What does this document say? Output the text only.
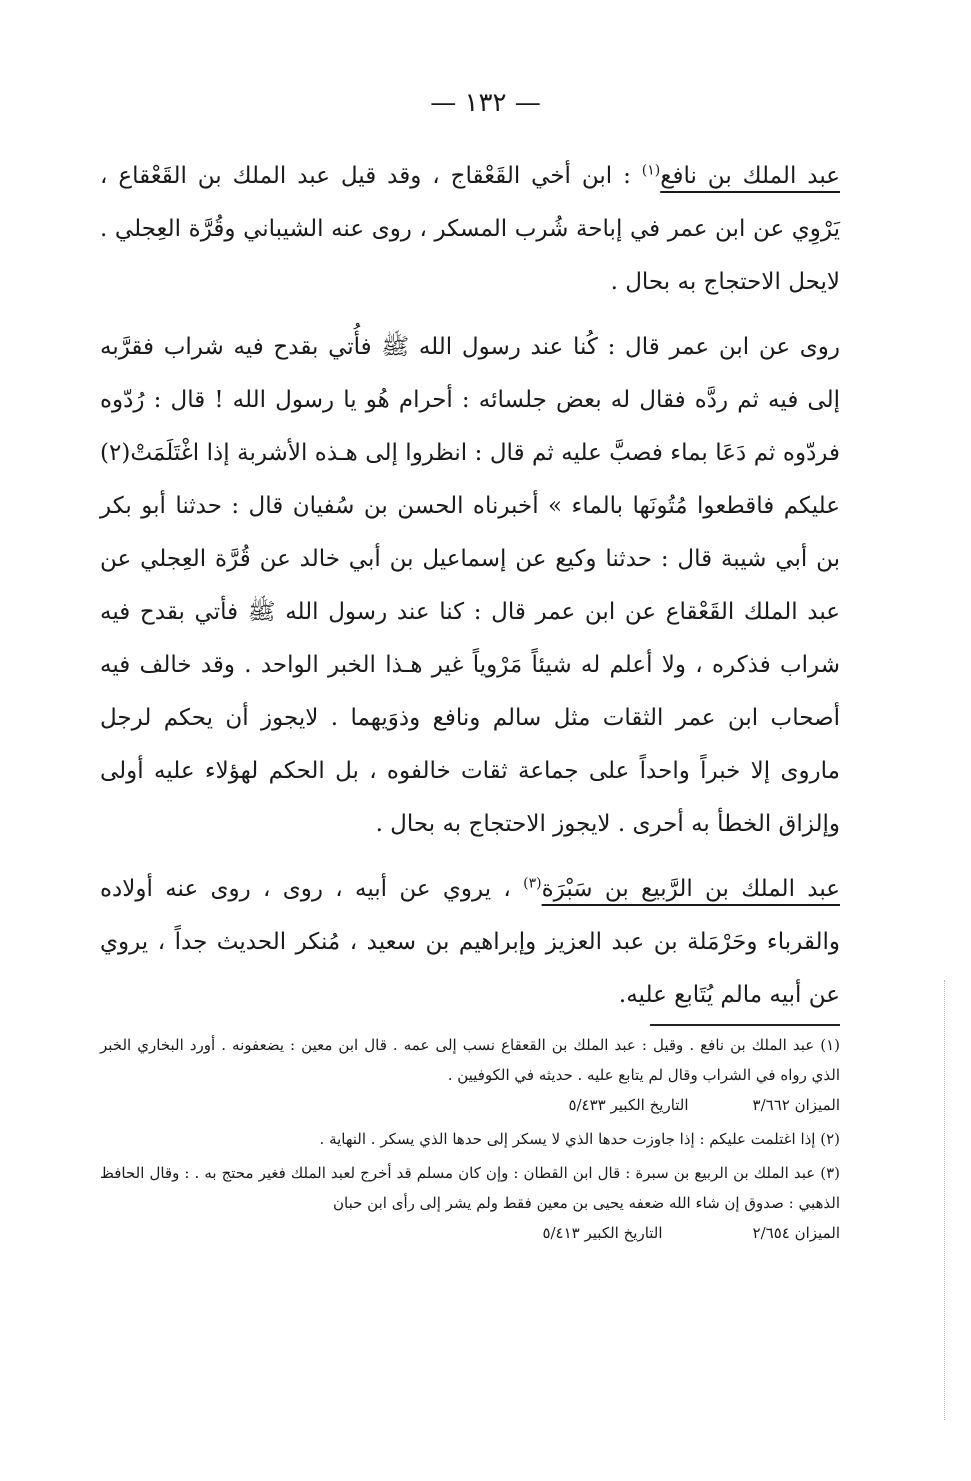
— ١٣٢ —

عبد الملك بن نافع$^{(١)}$ : ابن أخي القَعْقاج ، وقد قيل عبد الملك بن القَعْقاع ، يَرْوِي عن ابن عمر في إباحة شُرب المسكر ، روى عنه الشيباني وقُرَّة العِجلي . لايحل الاحتجاج به بحال .

روى عن ابن عمر قال : كُنا عند رسول الله ﷺ فأُتي بقدح فيه شراب فقرَّبه إلى فيه ثم ردَّه فقال له بعض جلسائه : أحرام هُو يا رسول الله ! قال : رُدّوه فردّوه ثم دَعَا بماء فصبَّ عليه ثم قال : انظروا إلى هـذه الأشربة إذا اغْتَلَمَتْ(٢) عليكم فاقطعوا مُتُونَها بالماء » أخبرناه الحسن بن سُفيان قال : حدثنا أبو بكر بن أبي شيبة قال : حدثنا وكيع عن إسماعيل بن أبي خالد عن قُرَّة العِجلي عن عبد الملك القَعْقاع عن ابن عمر قال : كنا عند رسول الله ﷺ فأتي بقدح فيه شراب فذكره ، ولا أعلم له شيئاً مَرْوياً غير هـذا الخبر الواحد . وقد خالف فيه أصحاب ابن عمر الثقات مثل سالم ونافع وذوَيهما . لايجوز أن يحكم لرجل ماروى إلا خبراً واحداً على جماعة ثقات خالفوه ، بل الحكم لهؤلاء عليه أولى وإلزاق الخطأ به أحرى . لايجوز الاحتجاج به بحال .

عبد الملك بن الرَّبيع بن سَبْرَة$^{(٣)}$ ، يروي عن أبيه ، روى ، روى عنه أولاده والقرباء وحَرْمَلة بن عبد العزيز وإبراهيم بن سعيد ، مُنكر الحديث جداً ، يروي عن أبيه مالم يُتَابع عليه.

(١) عبد الملك بن نافع . وقيل : عبد الملك بن القعقاع نسب إلى عمه . قال ابن معين : يضعفونه . أورد البخاري الخبر الذي رواه في الشراب وقال لم يتابع عليه . حديثه في الكوفيين .
الميزان ٣/٦٦٢
التاريخ الكبير ٥/٤٣٣
(٢) إذا اغتلمت عليكم : إذا جاوزت حدها الذي لا يسكر إلى حدها الذي يسكر . النهاية .
(٣) عبد الملك بن الربيع بن سبرة : قال ابن القطان : وإن كان مسلم قد أخرج لعبد الملك فغير محتج به . : وقال الحافظ الذهبي : صدوق إن شاء الله ضعفه يحيى بن معين فقط ولم يشر إلى رأى ابن حبان
الميزان ٢/٦٥٤
التاريخ الكبير ٥/٤١٣
